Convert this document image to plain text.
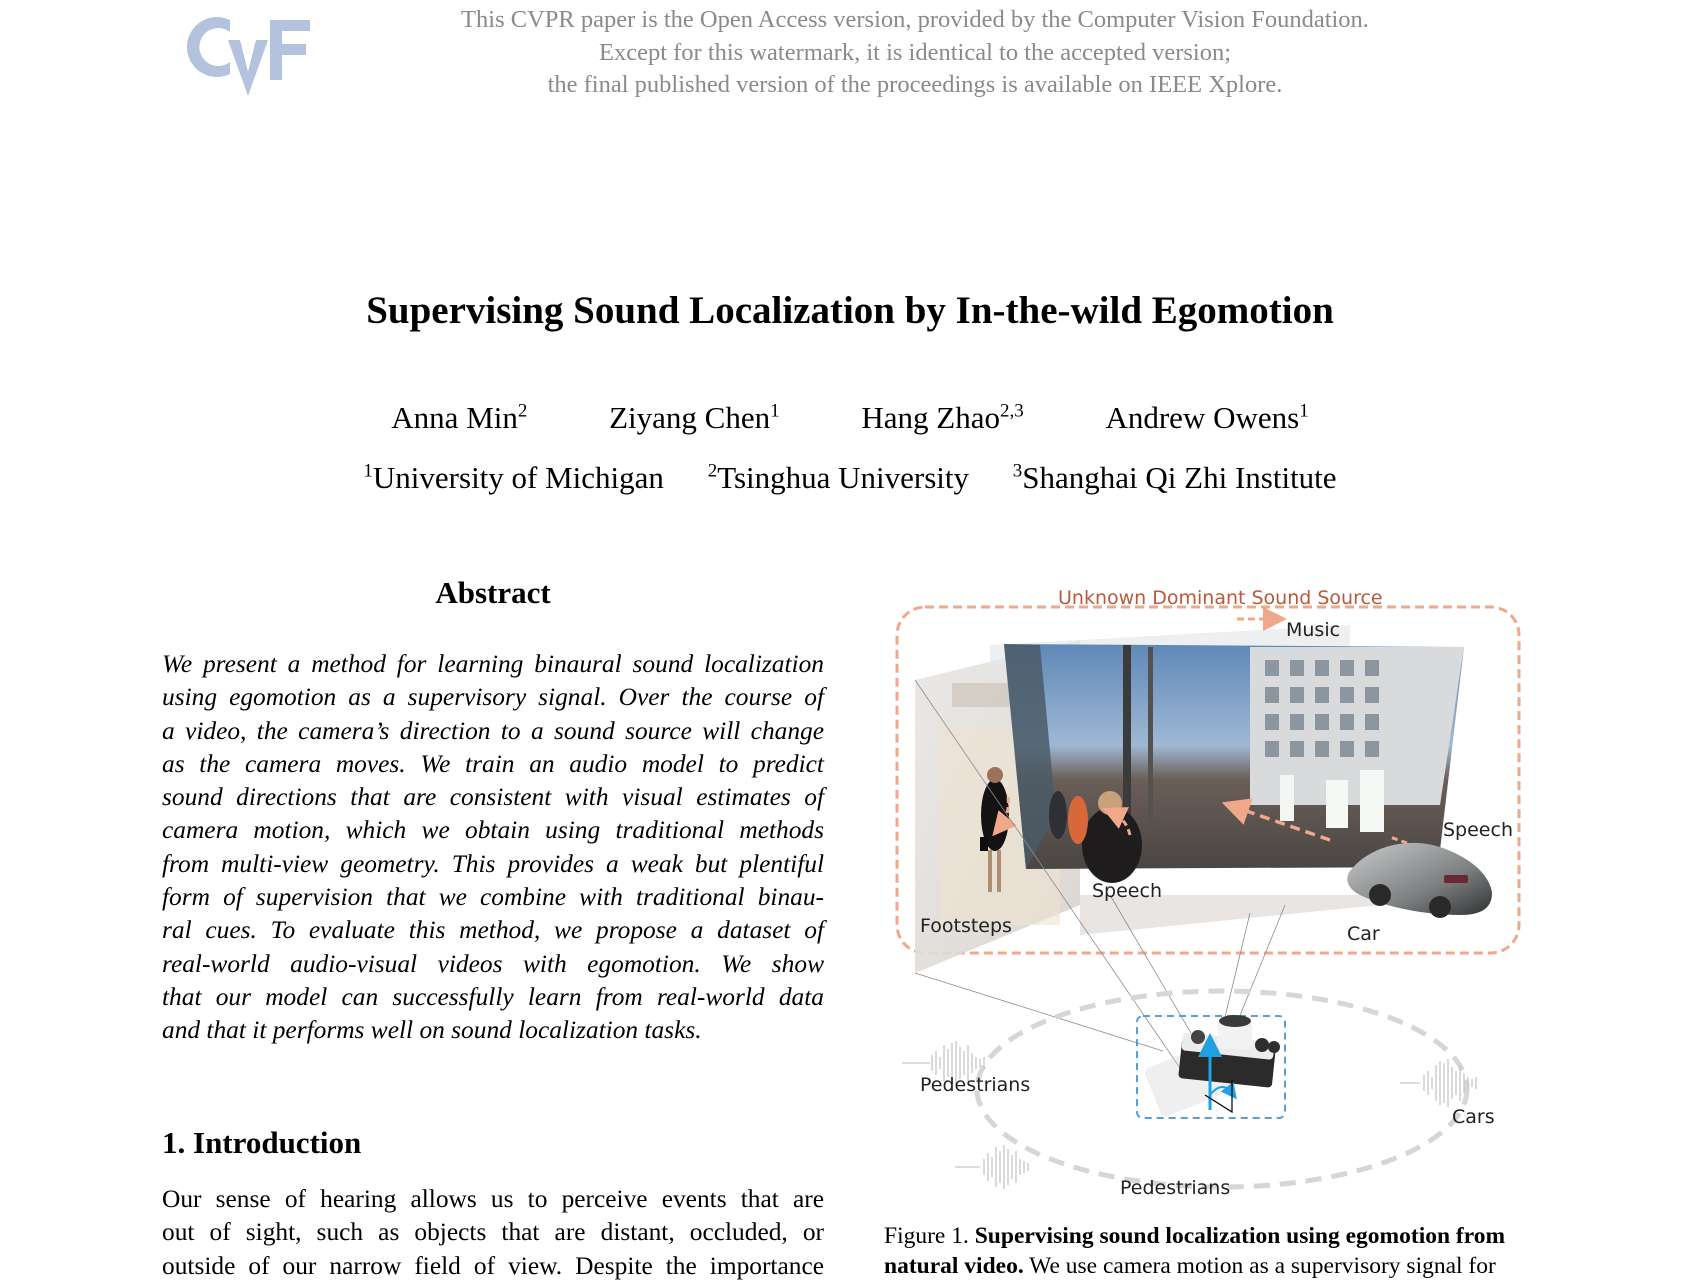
This CVPR paper is the Open Access version, provided by the Computer Vision Foundation.
Except for this watermark, it is identical to the accepted version;
the final published version of the proceedings is available on IEEE Xplore.
Supervising Sound Localization by In-the-wild Egomotion
Anna Min$^2$	Ziyang Chen$^1$	Hang Zhao$^{2,3}$	Andrew Owens$^1$
$^1$University of Michigan $^2$Tsinghua University $^3$Shanghai Qi Zhi Institute
Abstract
We present a method for learning binaural sound localization
using egomotion as a supervisory signal. Over the course of
a video, the camera’s direction to a sound source will change
as the camera moves. We train an audio model to predict
sound directions that are consistent with visual estimates of
camera motion, which we obtain using traditional methods
from multi-view geometry. This provides a weak but plentiful
form of supervision that we combine with traditional binau-
ral cues. To evaluate this method, we propose a dataset of
real-world audio-visual videos with egomotion. We show
that our model can successfully learn from real-world data
and that it performs well on sound localization tasks.
1. Introduction
Our sense of hearing allows us to perceive events that are
out of sight, such as objects that are distant, occluded, or
outside of our narrow field of view. Despite the importance
Unknown Dominant Sound Source
Music
Speech
Speech
Footsteps	Car
Pedestrians
Cars
Pedestrians
Figure 1. Supervising sound localization using egomotion from
natural video. We use camera motion as a supervisory signal for
